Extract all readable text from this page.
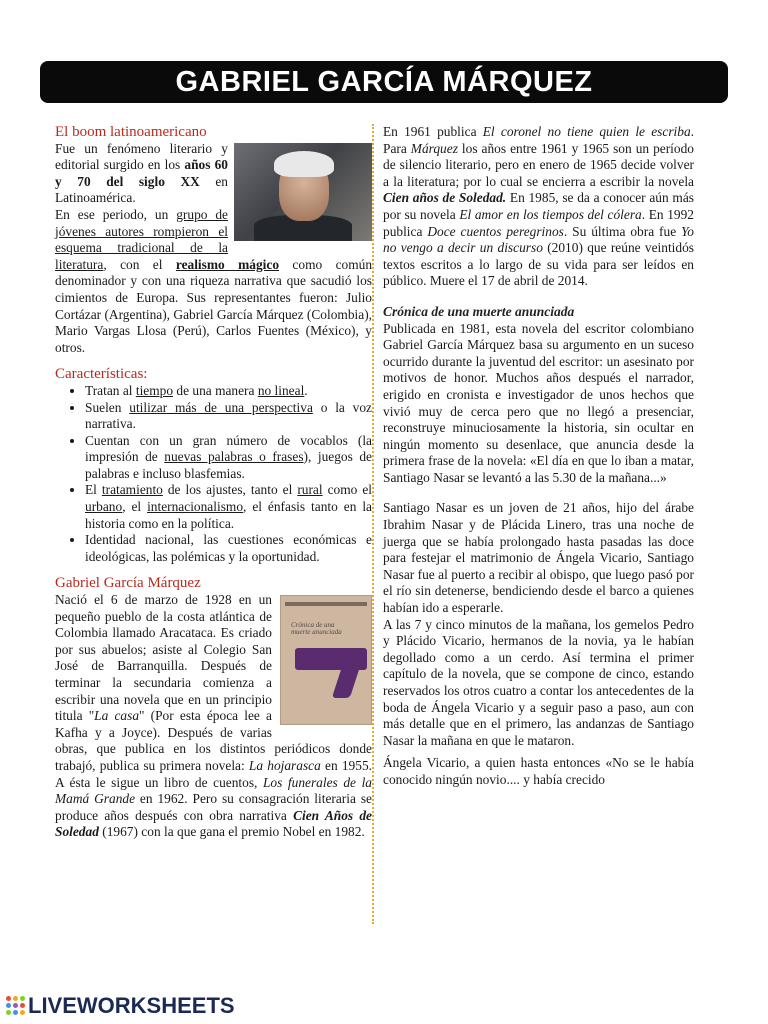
GABRIEL GARCÍA MÁRQUEZ
El boom latinoamericano

Fue un fenómeno literario y editorial surgido en los años 60 y 70 del siglo XX en Latinoamérica.

En ese periodo, un grupo de jóvenes autores rompieron el esquema tradicional de la literatura, con el realismo mágico como común denominador y con una riqueza narrativa que sacudió los cimientos de Europa. Sus representantes fueron: Julio Cortázar (Argentina), Gabriel García Márquez (Colombia), Mario Vargas Llosa (Perú), Carlos Fuentes (México), y otros.

Características:
• Tratan al tiempo de una manera no lineal.
• Suelen utilizar más de una perspectiva o la voz narrativa.
• Cuentan con un gran número de vocablos (la impresión de nuevas palabras o frases), juegos de palabras e incluso blasfemias.
• El tratamiento de los ajustes, tanto el rural como el urbano, el internacionalismo, el énfasis tanto en la historia como en la política.
• Identidad nacional, las cuestiones económicas e ideológicas, las polémicas y la oportunidad.
Gabriel García Márquez
Crónica de una muerte anunciada

Nació el 6 de marzo de 1928 en un pequeño pueblo de la costa atlántica de Colombia llamado Aracataca. Es criado por sus abuelos; asiste al Colegio San José de Barranquilla. Después de terminar la secundaria comienza a escribir una novela que en un principio titula "La casa" (Por esta época lee a Kafha y a Joyce). Después de varias obras, que publica en los distintos periódicos donde trabajó, publica su primera novela: La hojarasca en 1955. A ésta le sigue un libro de cuentos, Los funerales de la Mamá Grande en 1962. Pero su consagración literaria se produce años después con obra narrativa Cien Años de Soledad (1967) con la que gana el premio Nobel en 1982.

En 1961 publica El coronel no tiene quien le escriba. Para Márquez los años entre 1961 y 1965 son un período de silencio literario, pero en enero de 1965 decide volver a la literatura; por lo cual se encierra a escribir la novela Cien años de Soledad. En 1985, se da a conocer aún más por su novela El amor en los tiempos del cólera. En 1992 publica Doce cuentos peregrinos. Su última obra fue Yo no vengo a decir un discurso (2010) que reúne veintidós textos escritos a lo largo de su vida para ser leídos en público. Muere el 17 de abril de 2014.

Crónica de una muerte anunciada

Publicada en 1981, esta novela del escritor colombiano Gabriel García Márquez basa su argumento en un suceso ocurrido durante la juventud del escritor: un asesinato por motivos de honor. Muchos años después el narrador, erigido en cronista e investigador de unos hechos que vivió muy de cerca pero que no llegó a presenciar, reconstruye minuciosamente la historia, sin ocultar en ningún momento su desenlace, que anuncia desde la primera frase de la novela: «El día en que lo iban a matar, Santiago Nasar se levantó a las 5.30 de la mañana...»

Santiago Nasar es un joven de 21 años, hijo del árabe Ibrahim Nasar y de Plácida Linero, tras una noche de juerga que se había prolongado hasta pasadas las doce para festejar el matrimonio de Ángela Vicario, Santiago Nasar fue al puerto a recibir al obispo, que luego pasó por el río sin detenerse, bendiciendo desde el barco a quienes habían ido a esperarle.

A las 7 y cinco minutos de la mañana, los gemelos Pedro y Plácido Vicario, hermanos de la novia, ya le habían degollado como a un cerdo. Así termina el primer capítulo de la novela, que se compone de cinco, estando reservados los otros cuatro a contar los antecedentes de la boda de Ángela Vicario y a seguir paso a paso, aun con más detalle que en el primero, las andanzas de Santiago Nasar la mañana en que le mataron.

Ángela Vicario, a quien hasta entonces «No se le había conocido ningún novio.... y había crecido

LIVEWORKSHEETS
